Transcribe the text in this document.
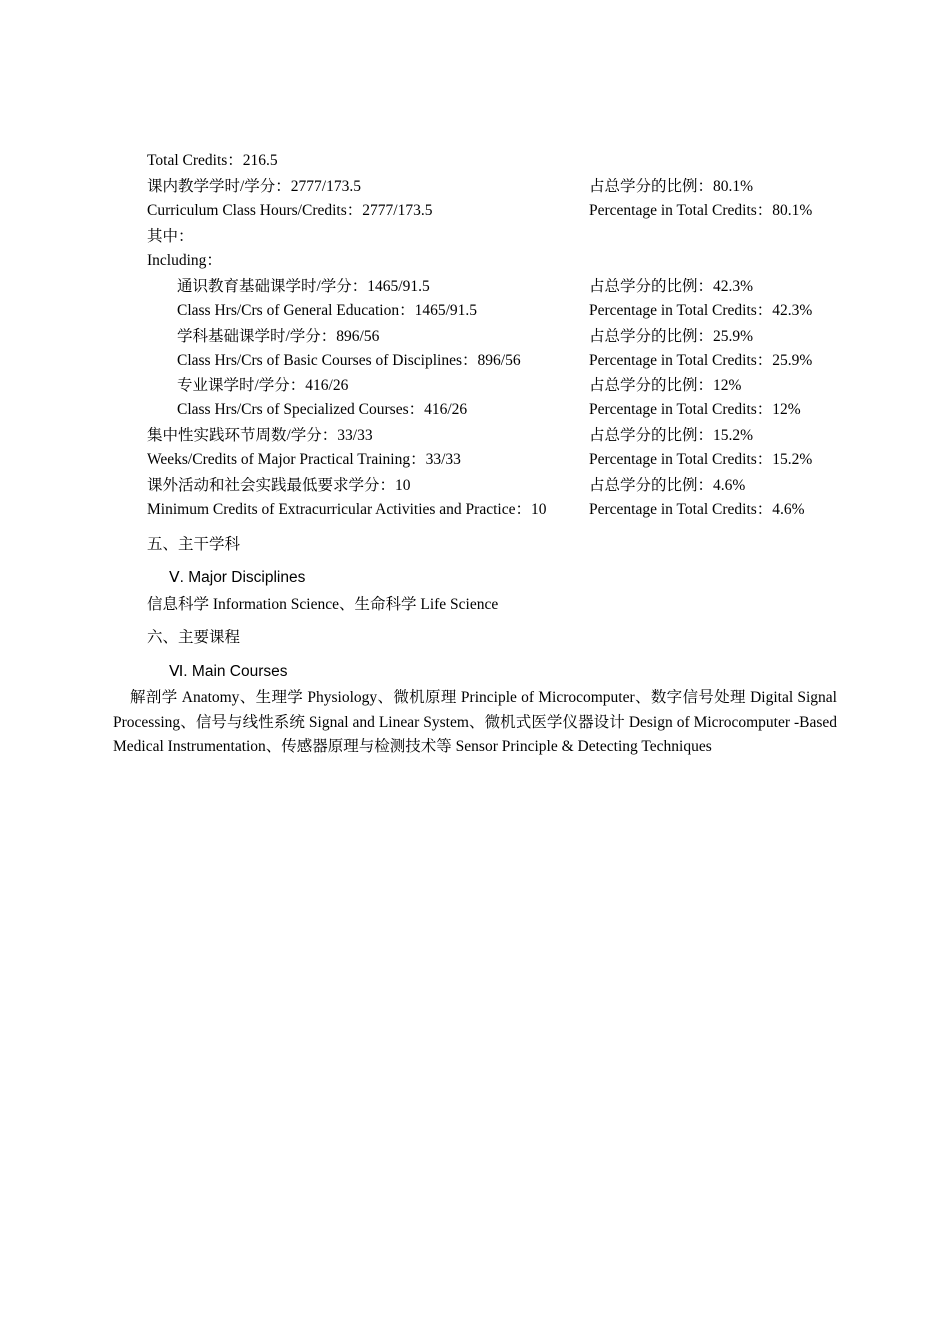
Total Credits：216.5
课内教学学时/学分：2777/173.5	占总学分的比例：80.1%
Curriculum Class Hours/Credits：2777/173.5	Percentage in Total Credits：80.1%
其中：
Including：
通识教育基础课学时/学分：1465/91.5	占总学分的比例：42.3%
Class Hrs/Crs of General Education：1465/91.5	Percentage in Total Credits：42.3%
学科基础课学时/学分：896/56	占总学分的比例：25.9%
Class Hrs/Crs of Basic Courses of Disciplines：896/56	Percentage in Total Credits：25.9%
专业课学时/学分：416/26	占总学分的比例：12%
Class Hrs/Crs of Specialized Courses：416/26	Percentage in Total Credits：12%
集中性实践环节周数/学分：33/33	占总学分的比例：15.2%
Weeks/Credits of Major Practical Training：33/33	Percentage in Total Credits：15.2%
课外活动和社会实践最低要求学分：10	占总学分的比例：4.6%
Minimum Credits of Extracurricular Activities and Practice：10	Percentage in Total Credits：4.6%
五、主干学科
Ⅴ. Major Disciplines
信息科学 Information Science、生命科学 Life Science
六、主要课程
Ⅵ. Main Courses
解剖学 Anatomy、生理学 Physiology、微机原理 Principle of Microcomputer、数字信号处理 Digital Signal Processing、信号与线性系统 Signal and Linear System、微机式医学仪器设计 Design of Microcomputer -Based Medical Instrumentation、传感器原理与检测技术等 Sensor Principle & Detecting Techniques
